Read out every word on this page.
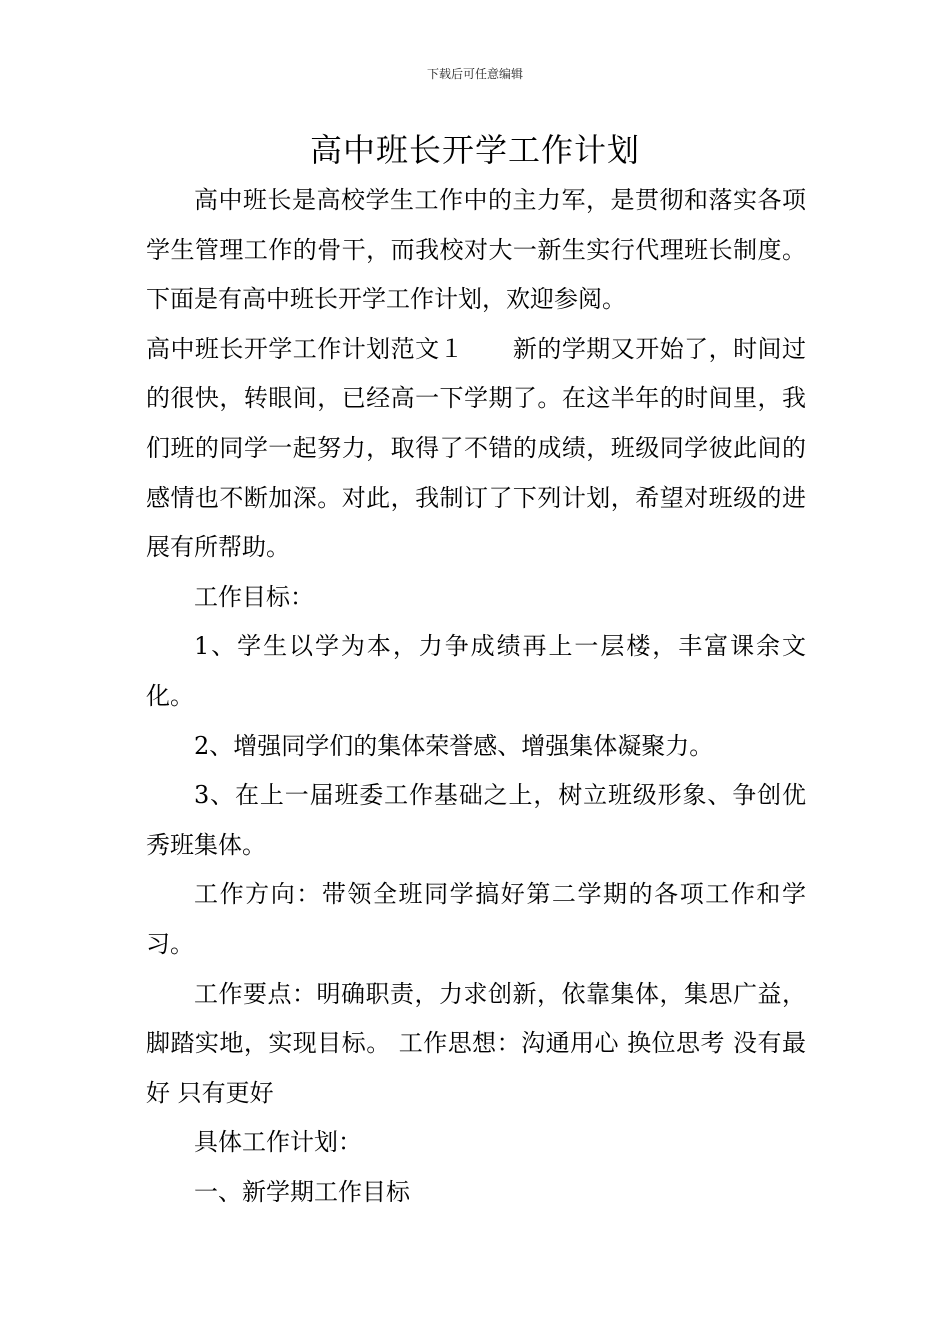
下载后可任意编辑
高中班长开学工作计划

高中班长是高校学生工作中的主力军，是贯彻和落实各项学生管理工作的骨干，而我校对大一新生实行代理班长制度。下面是有高中班长开学工作计划，欢迎参阅。

高中班长开学工作计划范文１　　新的学期又开始了，时间过的很快，转眼间，已经高一下学期了。在这半年的时间里，我们班的同学一起努力，取得了不错的成绩，班级同学彼此间的感情也不断加深。对此，我制订了下列计划，希望对班级的进展有所帮助。

工作目标：

1、学生以学为本，力争成绩再上一层楼，丰富课余文化。

2、增强同学们的集体荣誉感、增强集体凝聚力。

3、在上一届班委工作基础之上，树立班级形象、争创优秀班集体。

工作方向：带领全班同学搞好第二学期的各项工作和学习。

工作要点：明确职责，力求创新，依靠集体，集思广益，脚踏实地，实现目标。 工作思想：沟通用心 换位思考 没有最好 只有更好

具体工作计划：

一、新学期工作目标
